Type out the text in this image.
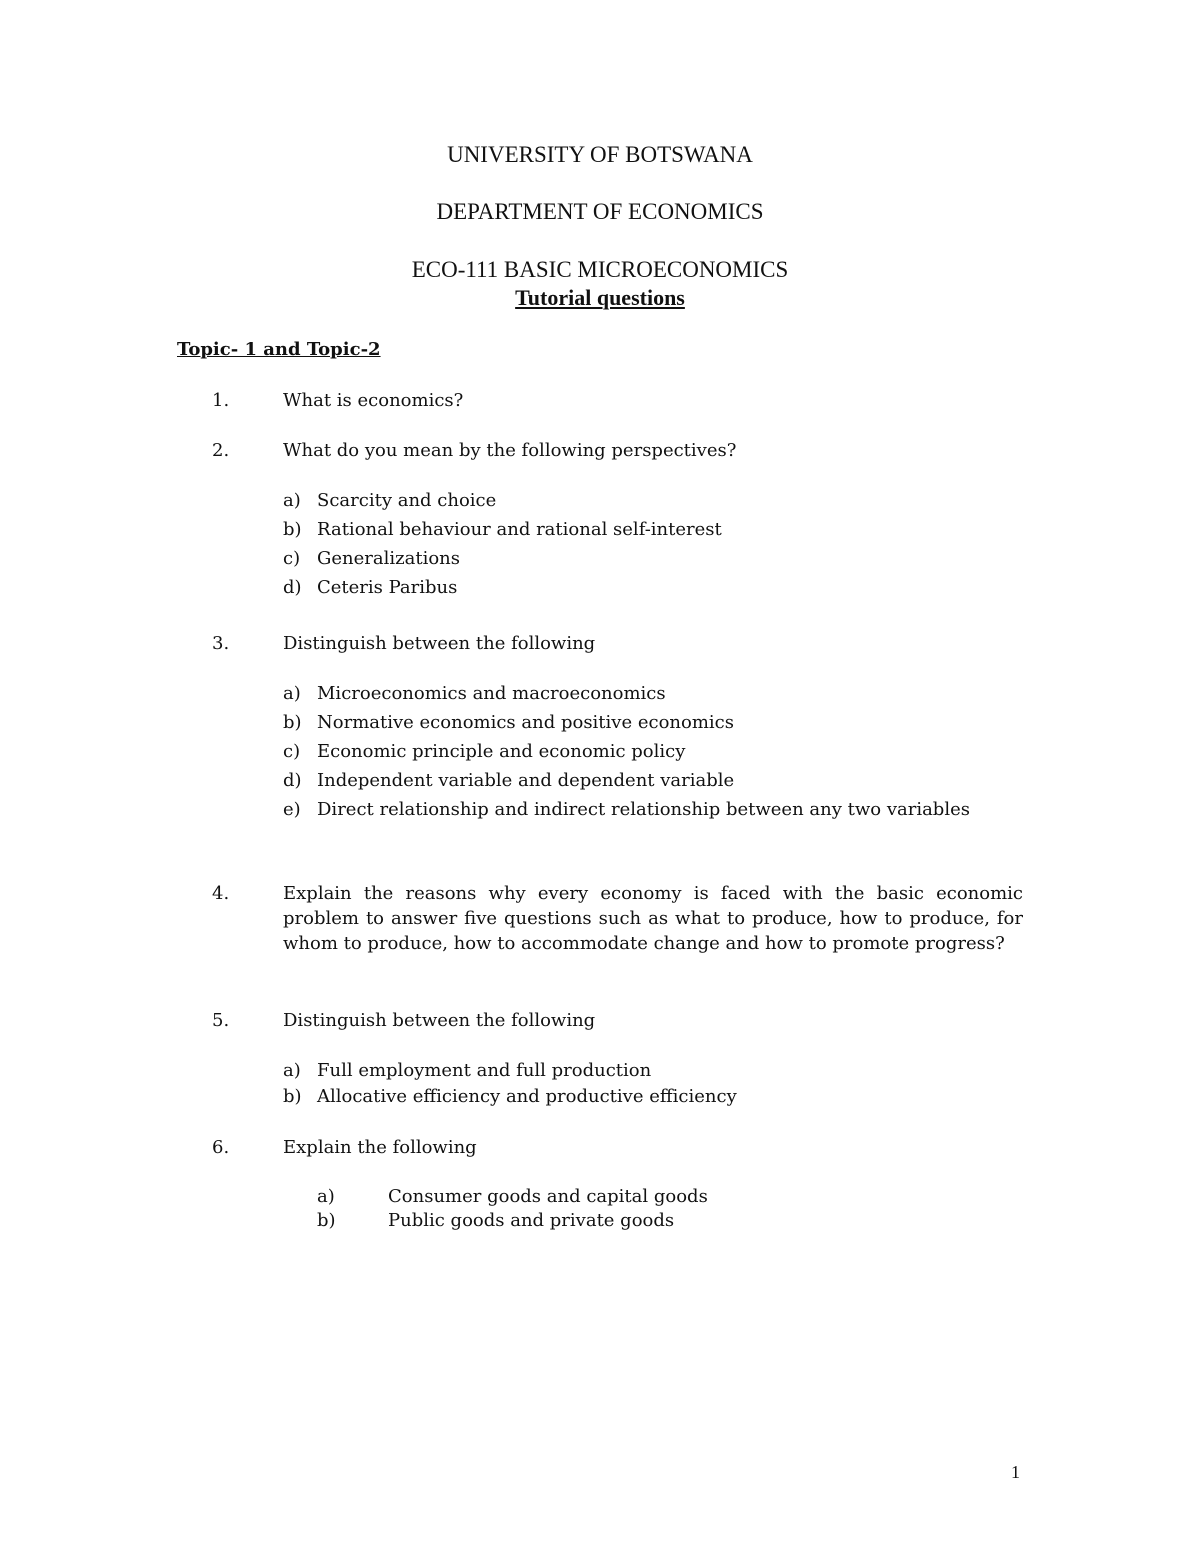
UNIVERSITY OF BOTSWANA
DEPARTMENT OF ECONOMICS
ECO-111 BASIC MICROECONOMICS
Tutorial questions
Topic- 1 and Topic-2
1.	What is economics?
2.	What do you mean by the following perspectives?
a) Scarcity and choice
b) Rational behaviour and rational self-interest
c) Generalizations
d) Ceteris Paribus
3.	Distinguish between the following
a) Microeconomics and macroeconomics
b) Normative economics and positive economics
c) Economic principle and economic policy
d) Independent variable and dependent variable
e) Direct relationship and indirect relationship between any two variables
4.	Explain the reasons why every economy is faced with the basic economic problem to answer five questions such as what to produce, how to produce, for whom to produce, how to accommodate change and how to promote progress?
5.	Distinguish between the following
a) Full employment and full production
b) Allocative efficiency and productive efficiency
6.	Explain the following
a)	Consumer goods and capital goods
b)	Public goods and private goods
1
